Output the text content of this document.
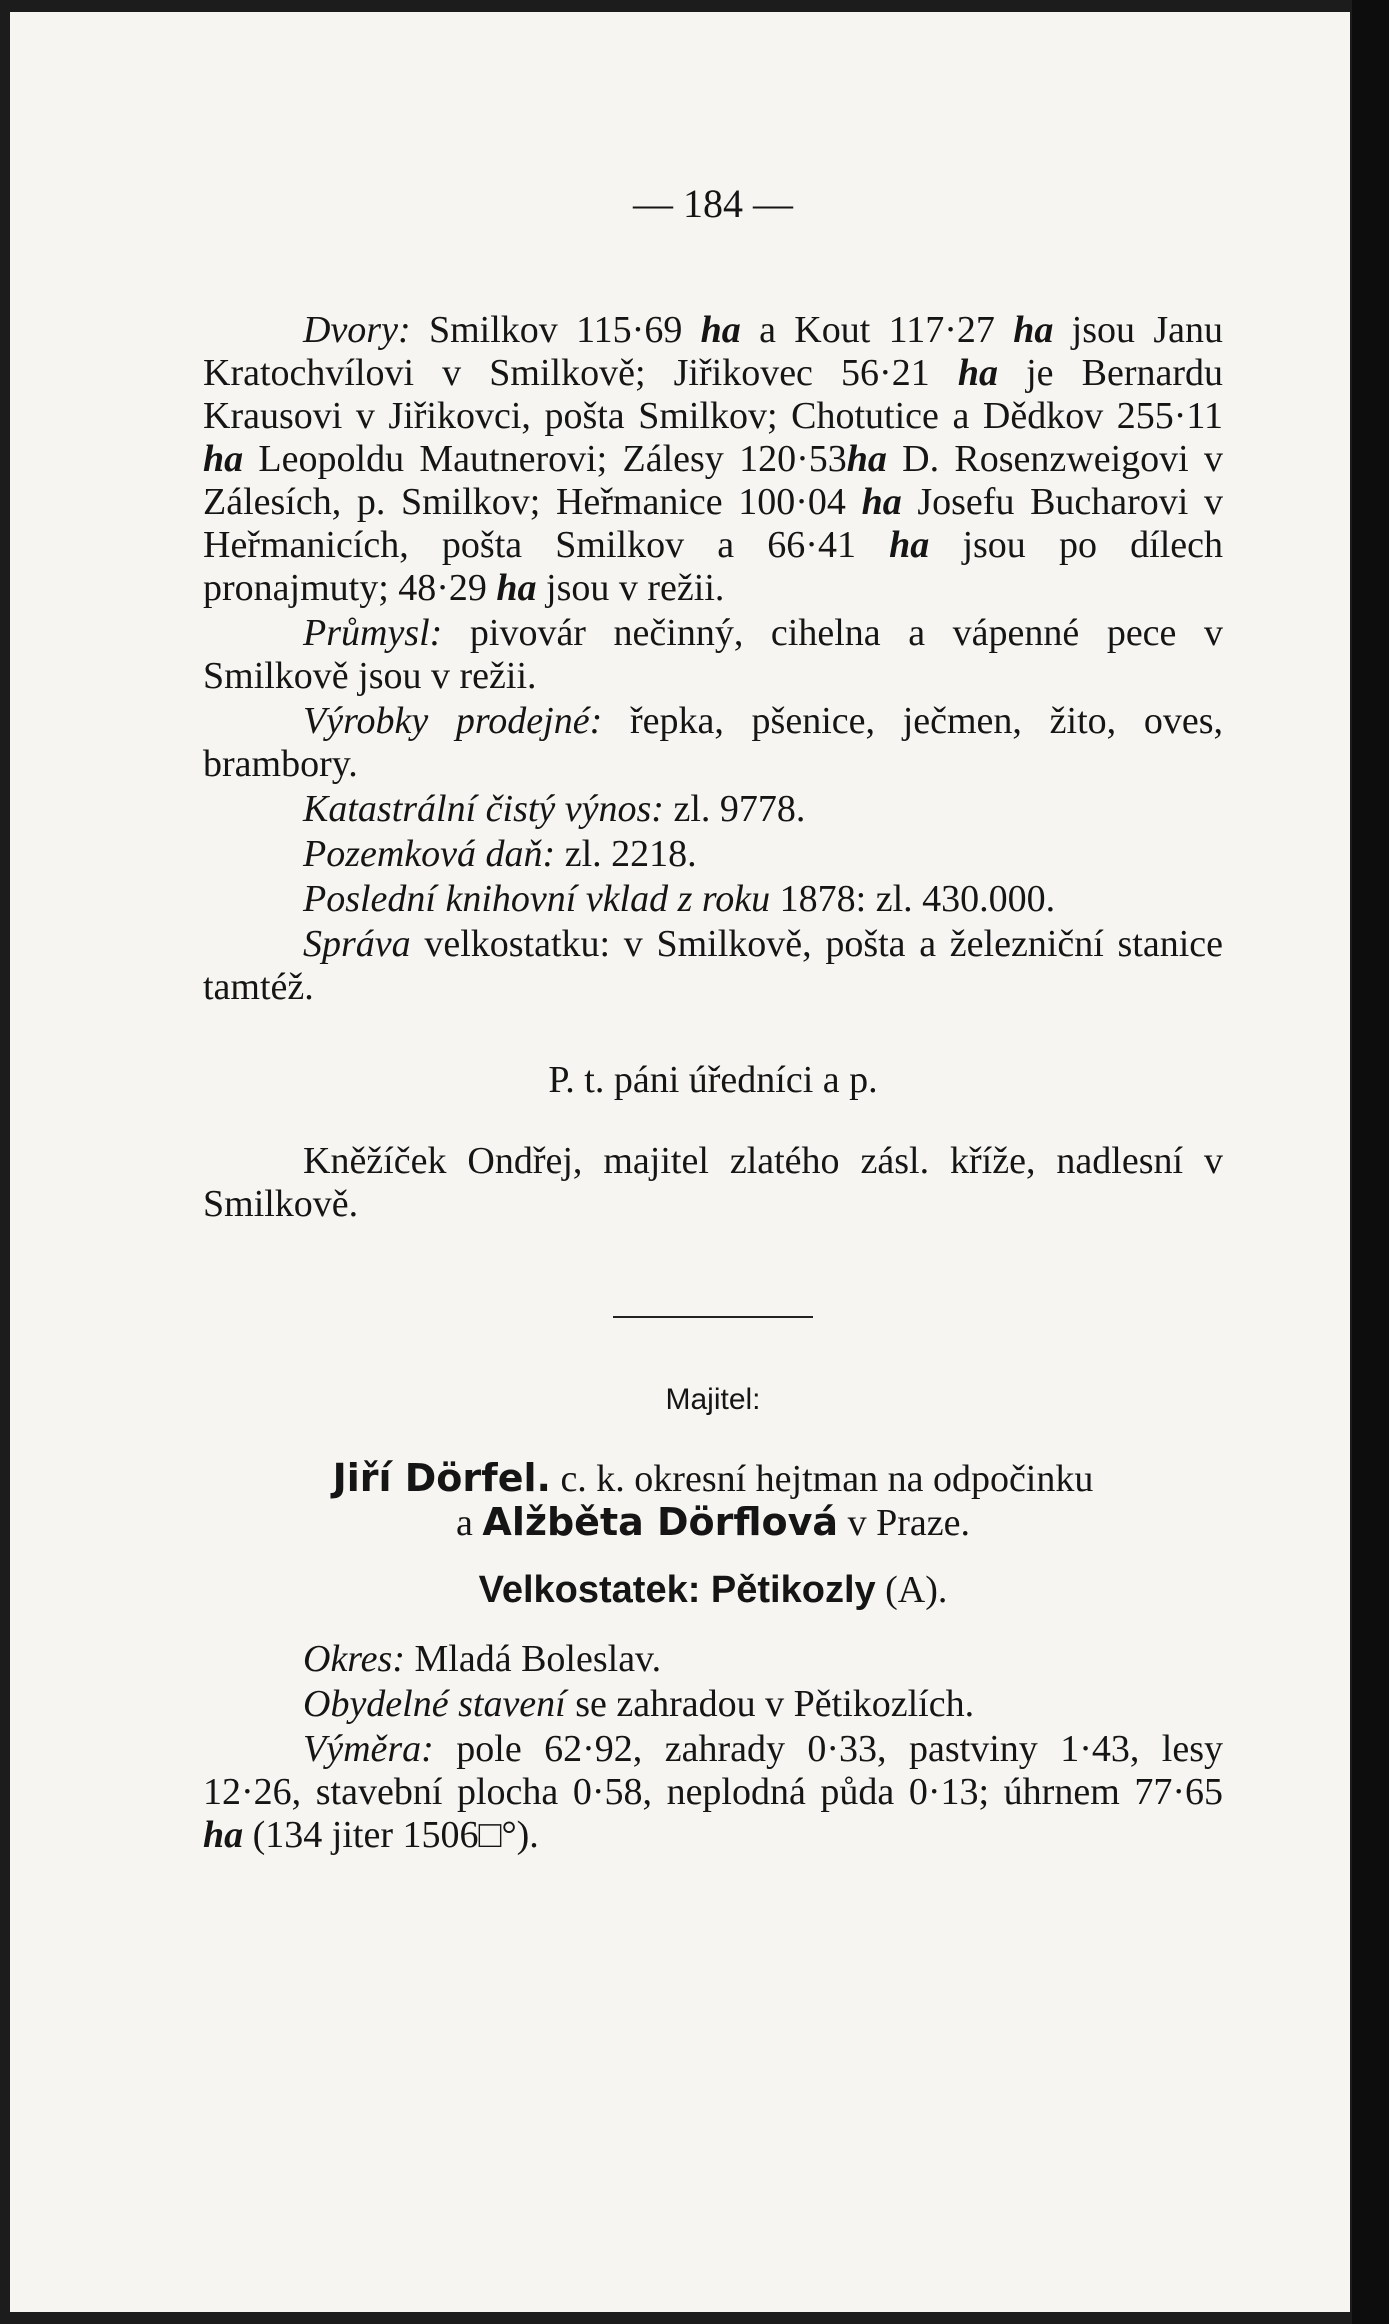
— 184 —

Dvory: Smilkov 115·69 ha a Kout 117·27 ha jsou Janu Kratochvílovi v Smilkově; Jiřikovec 56·21 ha je Bernardu Krausovi v Jiřikovci, pošta Smilkov; Chotutice a Dědkov 255·11 ha Leopoldu Mautnerovi; Zálesy 120·53ha D. Rosenzweigovi v Zálesích, p. Smilkov; Heřmanice 100·04 ha Josefu Bucharovi v Heřmanicích, pošta Smilkov a 66·41 ha jsou po dílech pronajmuty; 48·29 ha jsou v režii.

Průmysl: pivovár nečinný, cihelna a vápenné pece v Smilkově jsou v režii.

Výrobky prodejné: řepka, pšenice, ječmen, žito, oves, brambory.

Katastrální čistý výnos: zl. 9778.

Pozemková daň: zl. 2218.

Poslední knihovní vklad z roku 1878: zl. 430.000.

Správa velkostatku: v Smilkově, pošta a železniční stanice tamtéž.

P. t. páni úředníci a p.

Kněžíček Ondřej, majitel zlatého zásl. kříže, nadlesní v Smilkově.

Majitel:

Jiří Dörfel. c. k. okresní hejtman na odpočinku

a Alžběta Dörflová v Praze.

Velkostatek: Pětikozly (A).

Okres: Mladá Boleslav.

Obydelné stavení se zahradou v Pětikozlích.

Výměra: pole 62·92, zahrady 0·33, pastviny 1·43, lesy 12·26, stavební plocha 0·58, neplodná půda 0·13; úhrnem 77·65 ha (134 jiter 1506□°).
